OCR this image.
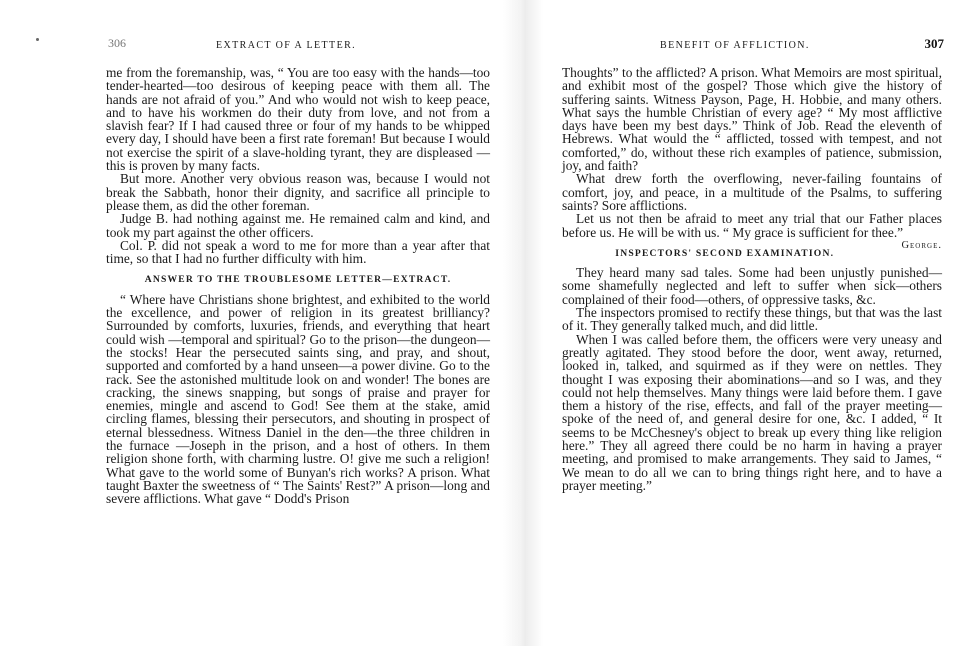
306	EXTRACT OF A LETTER.

me from the foremanship, was, “ You are too easy with the hands—too tender-hearted—too desirous of keeping peace with them all. The hands are not afraid of you.” And who would not wish to keep peace, and to have his workmen do their duty from love, and not from a slavish fear? If I had caused three or four of my hands to be whipped every day, I should have been a first rate foreman! But because I would not exercise the spirit of a slave-holding tyrant, they are displeased —this is proven by many facts.

But more. Another very obvious reason was, because I would not break the Sabbath, honor their dignity, and sacrifice all principle to please them, as did the other foreman.

Judge B. had nothing against me. He remained calm and kind, and took my part against the other officers.

Col. P. did not speak a word to me for more than a year after that time, so that I had no further difficulty with him.

ANSWER TO THE TROUBLESOME LETTER—EXTRACT.

“ Where have Christians shone brightest, and exhibited to the world the excellence, and power of religion in its greatest brilliancy? Surrounded by comforts, luxuries, friends, and everything that heart could wish —temporal and spiritual? Go to the prison—the dungeon—the stocks! Hear the persecuted saints sing, and pray, and shout, supported and comforted by a hand unseen—a power divine. Go to the rack. See the astonished multitude look on and wonder! The bones are cracking, the sinews snapping, but songs of praise and prayer for enemies, mingle and ascend to God! See them at the stake, amid circling flames, blessing their persecutors, and shouting in prospect of eternal blessedness. Witness Daniel in the den—the three children in the furnace —Joseph in the prison, and a host of others. In them religion shone forth, with charming lustre. O! give me such a religion! What gave to the world some of Bunyan's rich works? A prison. What taught Baxter the sweetness of “ The Saints' Rest?” A prison—long and severe afflictions. What gave “ Dodd's Prison

BENEFIT OF AFFLICTION.	307

Thoughts” to the afflicted? A prison. What Memoirs are most spiritual, and exhibit most of the gospel? Those which give the history of suffering saints. Witness Payson, Page, H. Hobbie, and many others. What says the humble Christian of every age? “ My most afflictive days have been my best days.” Think of Job. Read the eleventh of Hebrews. What would the “ afflicted, tossed with tempest, and not comforted,” do, without these rich examples of patience, submission, joy, and faith?

What drew forth the overflowing, never-failing fountains of comfort, joy, and peace, in a multitude of the Psalms, to suffering saints? Sore afflictions.

Let us not then be afraid to meet any trial that our Father places before us. He will be with us. “ My grace is sufficient for thee.”
George.

INSPECTORS' SECOND EXAMINATION.

They heard many sad tales. Some had been unjustly punished—some shamefully neglected and left to suffer when sick—others complained of their food—others, of oppressive tasks, &c.

The inspectors promised to rectify these things, but that was the last of it. They generally talked much, and did little.

When I was called before them, the officers were very uneasy and greatly agitated. They stood before the door, went away, returned, looked in, talked, and squirmed as if they were on nettles. They thought I was exposing their abominations—and so I was, and they could not help themselves. Many things were laid before them. I gave them a history of the rise, effects, and fall of the prayer meeting—spoke of the need of, and general desire for one, &c. I added, “ It seems to be McChesney's object to break up every thing like religion here.” They all agreed there could be no harm in having a prayer meeting, and promised to make arrangements. They said to James, “ We mean to do all we can to bring things right here, and to have a prayer meeting.”
